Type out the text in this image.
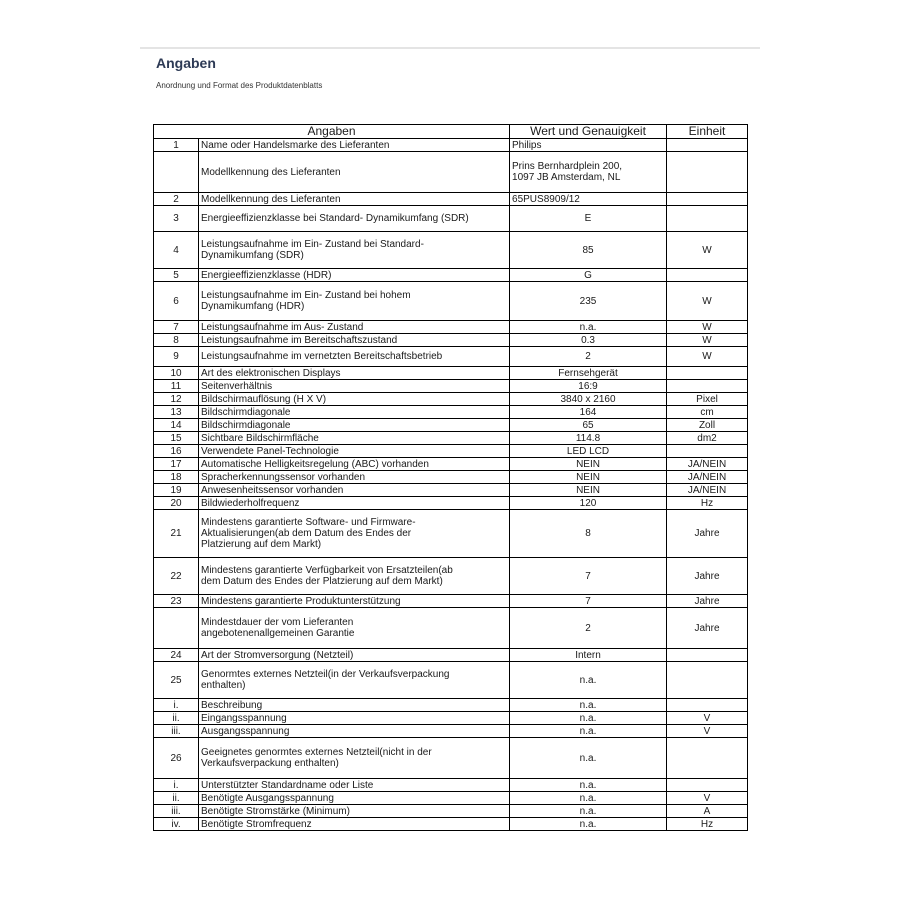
Angaben
Anordnung und Format des Produktdatenblatts
Angaben		Wert und Genauigkeit	Einheit
1	Name oder Handelsmarke des Lieferanten	Philips	
	Modellkennung des Lieferanten	Prins Bernhardplein 200,
1097 JB Amsterdam, NL	
2	Modellkennung des Lieferanten	65PUS8909/12	
3	Energieeffizienzklasse bei Standard- Dynamikumfang (SDR)	E	
4	Leistungsaufnahme im Ein- Zustand bei Standard-
Dynamikumfang (SDR)	85	W
5	Energieeffizienzklasse (HDR)	G	
6	Leistungsaufnahme im Ein- Zustand bei hohem
Dynamikumfang (HDR)	235	W
7	Leistungsaufnahme im Aus- Zustand	n.a.	W
8	Leistungsaufnahme im Bereitschaftszustand	0.3	W
9	Leistungsaufnahme im vernetzten Bereitschaftsbetrieb	2	W
10	Art des elektronischen Displays	Fernsehgerät	
11	Seitenverhältnis	16:9	
12	Bildschirmauflösung (H X V)	3840 x 2160	Pixel
13	Bildschirmdiagonale	164	cm
14	Bildschirmdiagonale	65	Zoll
15	Sichtbare Bildschirmfläche	114.8	dm2
16	Verwendete Panel-Technologie	LED LCD	
17	Automatische Helligkeitsregelung (ABC) vorhanden	NEIN	JA/NEIN
18	Spracherkennungssensor vorhanden	NEIN	JA/NEIN
19	Anwesenheitssensor vorhanden	NEIN	JA/NEIN
20	Bildwiederholfrequenz	120	Hz
21	Mindestens garantierte Software- und Firmware-
Aktualisierungen(ab dem Datum des Endes der
Platzierung auf dem Markt)	8	Jahre
22	Mindestens garantierte Verfügbarkeit von Ersatzteilen(ab
dem Datum des Endes der Platzierung auf dem Markt)	7	Jahre
23	Mindestens garantierte Produktunterstützung	7	Jahre
	Mindestdauer der vom Lieferanten
angebotenenallgemeinen Garantie	2	Jahre
24	Art der Stromversorgung (Netzteil)	Intern	
25	Genormtes externes Netzteil(in der Verkaufsverpackung
enthalten)	n.a.	
i.	Beschreibung	n.a.	
ii.	Eingangsspannung	n.a.	V
iii.	Ausgangsspannung	n.a.	V
26	Geeignetes genormtes externes Netzteil(nicht in der
Verkaufsverpackung enthalten)	n.a.	
i.	Unterstützter Standardname oder Liste	n.a.	
ii.	Benötigte Ausgangsspannung	n.a.	V
iii.	Benötigte Stromstärke (Minimum)	n.a.	A
iv.	Benötigte Stromfrequenz	n.a.	Hz
